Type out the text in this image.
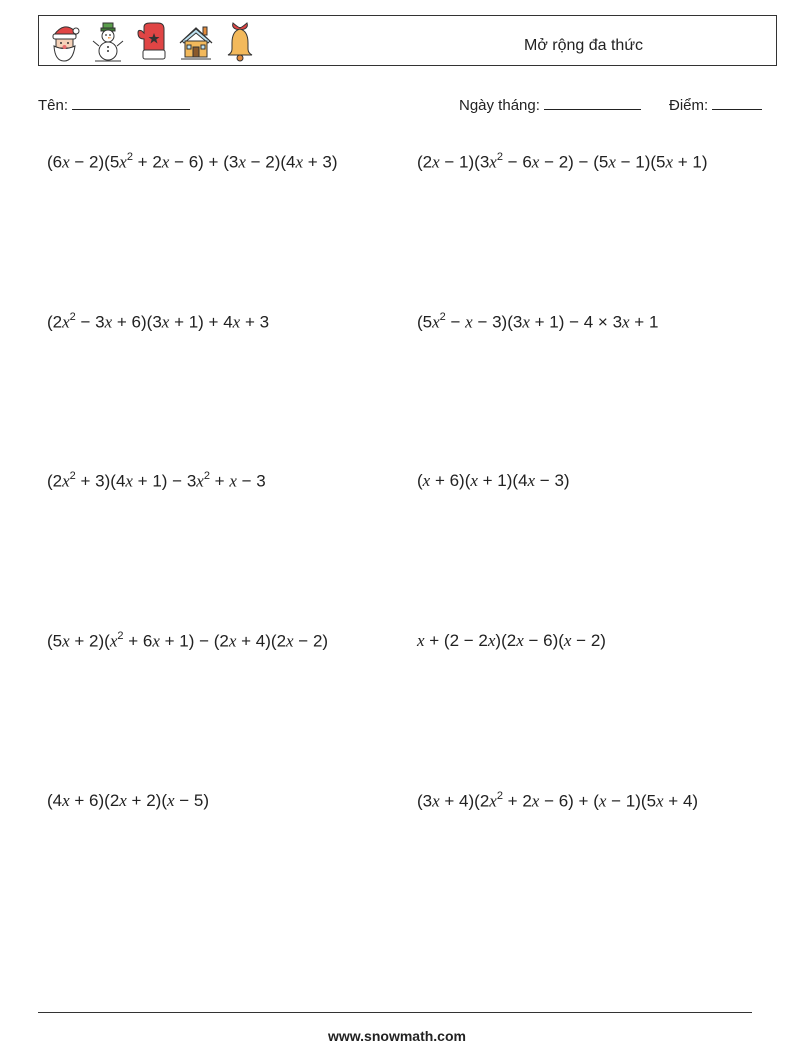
Mở rộng đa thức
Tên:	Ngày tháng:	Điểm:
$(6x - 2)(5x^2 + 2x - 6) + (3x - 2)(4x + 3)$	$(2x - 1)(3x^2 - 6x - 2) - (5x - 1)(5x + 1)$
$(2x^2 - 3x + 6)(3x + 1) + 4x + 3$	$(5x^2 - x - 3)(3x + 1) - 4 \times 3x + 1$
$(2x^2 + 3)(4x + 1) - 3x^2 + x - 3$	(x + 6)(x + 1)(4x − 3)
$(5x + 2)(x^2 + 6x + 1) - (2x + 4)(2x - 2)$	x + (2 − 2x)(2x − 6)(x − 2)
(4x + 6)(2x + 2)(x − 5)	$(3x + 4)(2x^2 + 2x - 6) + (x - 1)(5x + 4)$
www.snowmath.com
